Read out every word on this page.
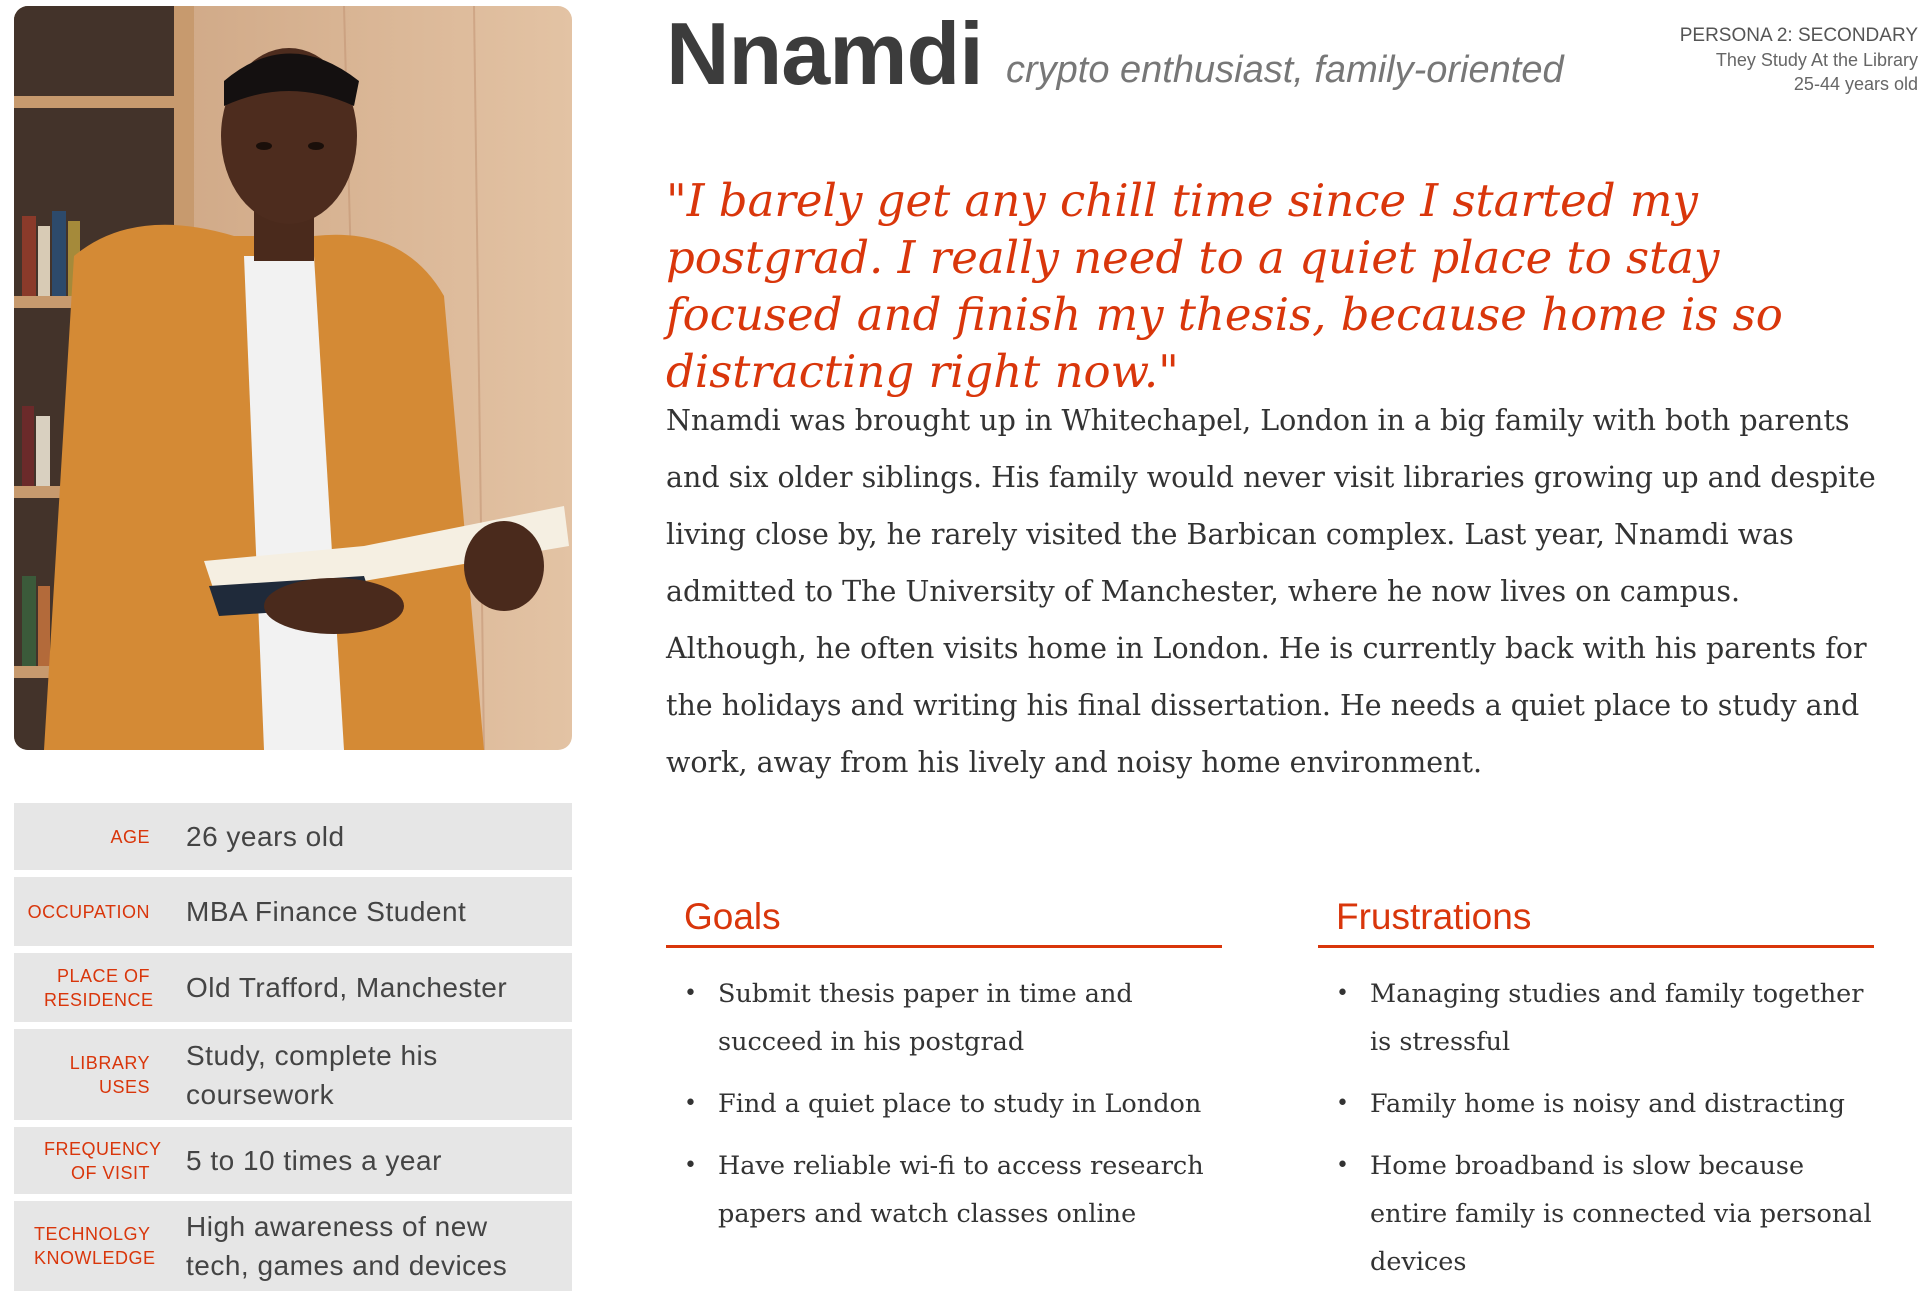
AGE 26 years old
OCCUPATION MBA Finance Student
PLACE OF RESIDENCE Old Trafford, Manchester
LIBRARY USES
Study, complete his coursework
FREQUENCY OF VISIT 5 to 10 times a year
TECHNOLGY KNOWLEDGE
High awareness of new tech, games and devices
Nnamdi crypto enthusiast, family-oriented
PERSONA 2: SECONDARY
They Study At the Library
25-44 years old
"I barely get any chill time since I started my postgrad. I really need to a quiet place to stay focused and finish my thesis, because home is so distracting right now."
Nnamdi was brought up in Whitechapel, London in a big family with both parents and six older siblings. His family would never visit libraries growing up and despite living close by, he rarely visited the Barbican complex. Last year, Nnamdi was admitted to The University of Manchester, where he now lives on campus. Although, he often visits home in London. He is currently back with his parents for the holidays and writing his final dissertation. He needs a quiet place to study and work, away from his lively and noisy home environment.
Goals
• Submit thesis paper in time and succeed in his postgrad
• Find a quiet place to study in London
• Have reliable wi-fi to access research papers and watch classes online
Frustrations
• Managing studies and family together is stressful
• Family home is noisy and distracting
• Home broadband is slow because entire family is connected via personal devices
